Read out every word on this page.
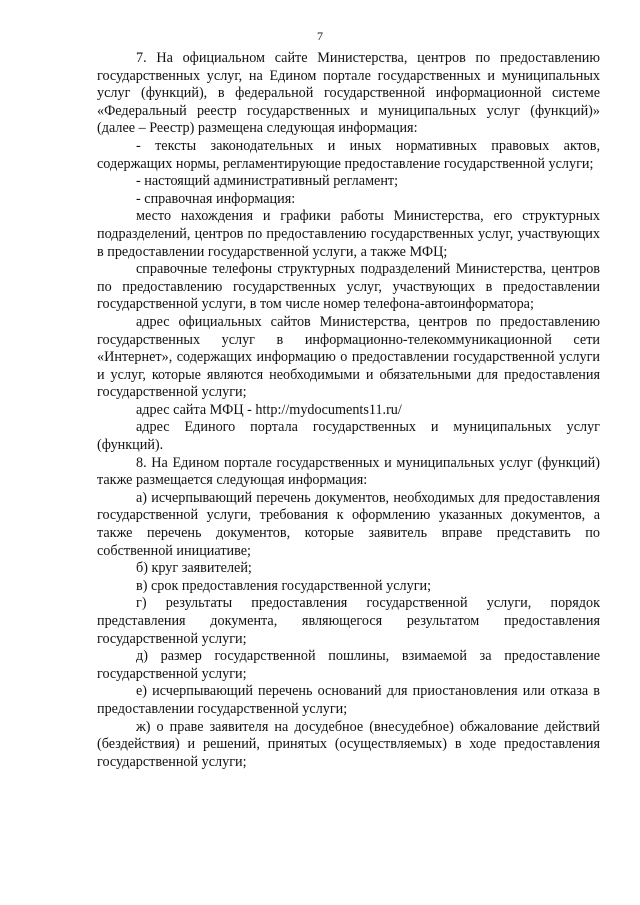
7

7. На официальном сайте Министерства, центров по предоставлению государственных услуг, на Едином портале государственных и муниципальных услуг (функций), в федеральной государственной информационной системе «Федеральный реестр государственных и муниципальных услуг (функций)» (далее – Реестр) размещена следующая информация:

- тексты законодательных и иных нормативных правовых актов, содержащих нормы, регламентирующие предоставление государственной услуги;

- настоящий административный регламент;

- справочная информация:

место нахождения и графики работы Министерства, его структурных подразделений, центров по предоставлению государственных услуг, участвующих в предоставлении государственной услуги, а также МФЦ;

справочные телефоны структурных подразделений Министерства, центров по предоставлению государственных услуг, участвующих в предоставлении государственной услуги, в том числе номер телефона-автоинформатора;

адрес официальных сайтов Министерства, центров по предоставлению государственных услуг в информационно-телекоммуникационной сети «Интернет», содержащих информацию о предоставлении государственной услуги и услуг, которые являются необходимыми и обязательными для предоставления государственной услуги;

адрес сайта МФЦ - http://mydocuments11.ru/

адрес Единого портала государственных и муниципальных услуг (функций).

8. На Едином портале государственных и муниципальных услуг (функций) также размещается следующая информация:

а) исчерпывающий перечень документов, необходимых для предоставления государственной услуги, требования к оформлению указанных документов, а также перечень документов, которые заявитель вправе представить по собственной инициативе;

б) круг заявителей;

в) срок предоставления государственной услуги;

г) результаты предоставления государственной услуги, порядок представления документа, являющегося результатом предоставления государственной услуги;

д) размер государственной пошлины, взимаемой за предоставление государственной услуги;

е) исчерпывающий перечень оснований для приостановления или отказа в предоставлении государственной услуги;

ж) о праве заявителя на досудебное (внесудебное) обжалование действий (бездействия) и решений, принятых (осуществляемых) в ходе предоставления государственной услуги;
